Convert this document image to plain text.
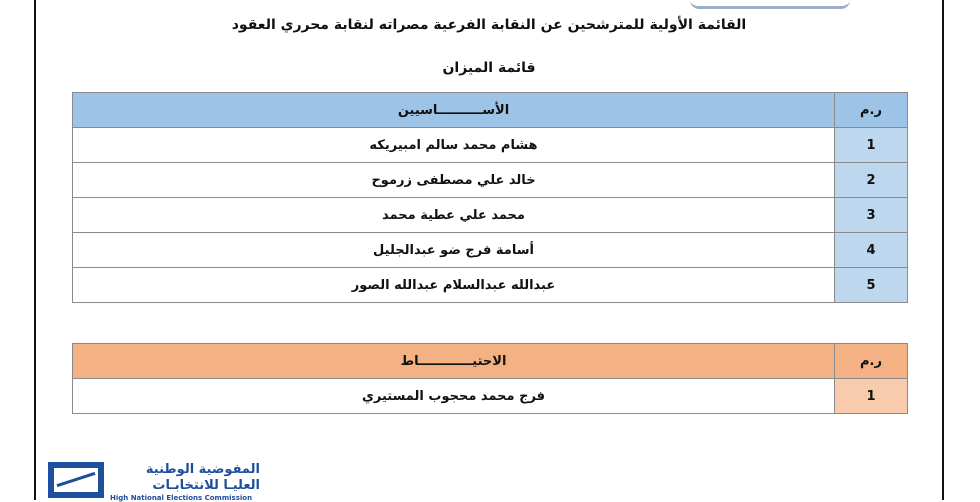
القائمة الأولية للمترشحين عن النقابة الفرعية مصراته لنقابة محرري العقود
قائمة الميزان
ر.م	الأســــــــــاسيين
1	هشام محمد سالم امبيريكه
2	خالد علي مصطفى زرموح
3	محمد علي عطية محمد
4	أسامة فرج ضو عبدالجليل
5	عبدالله عبدالسلام عبدالله الصور
ر.م	الاحتيــــــــــــاط
1	فرج محمد محجوب المستيري
المفوضية الوطنية
العليـا للانتخابـات
High National Elections Commission
